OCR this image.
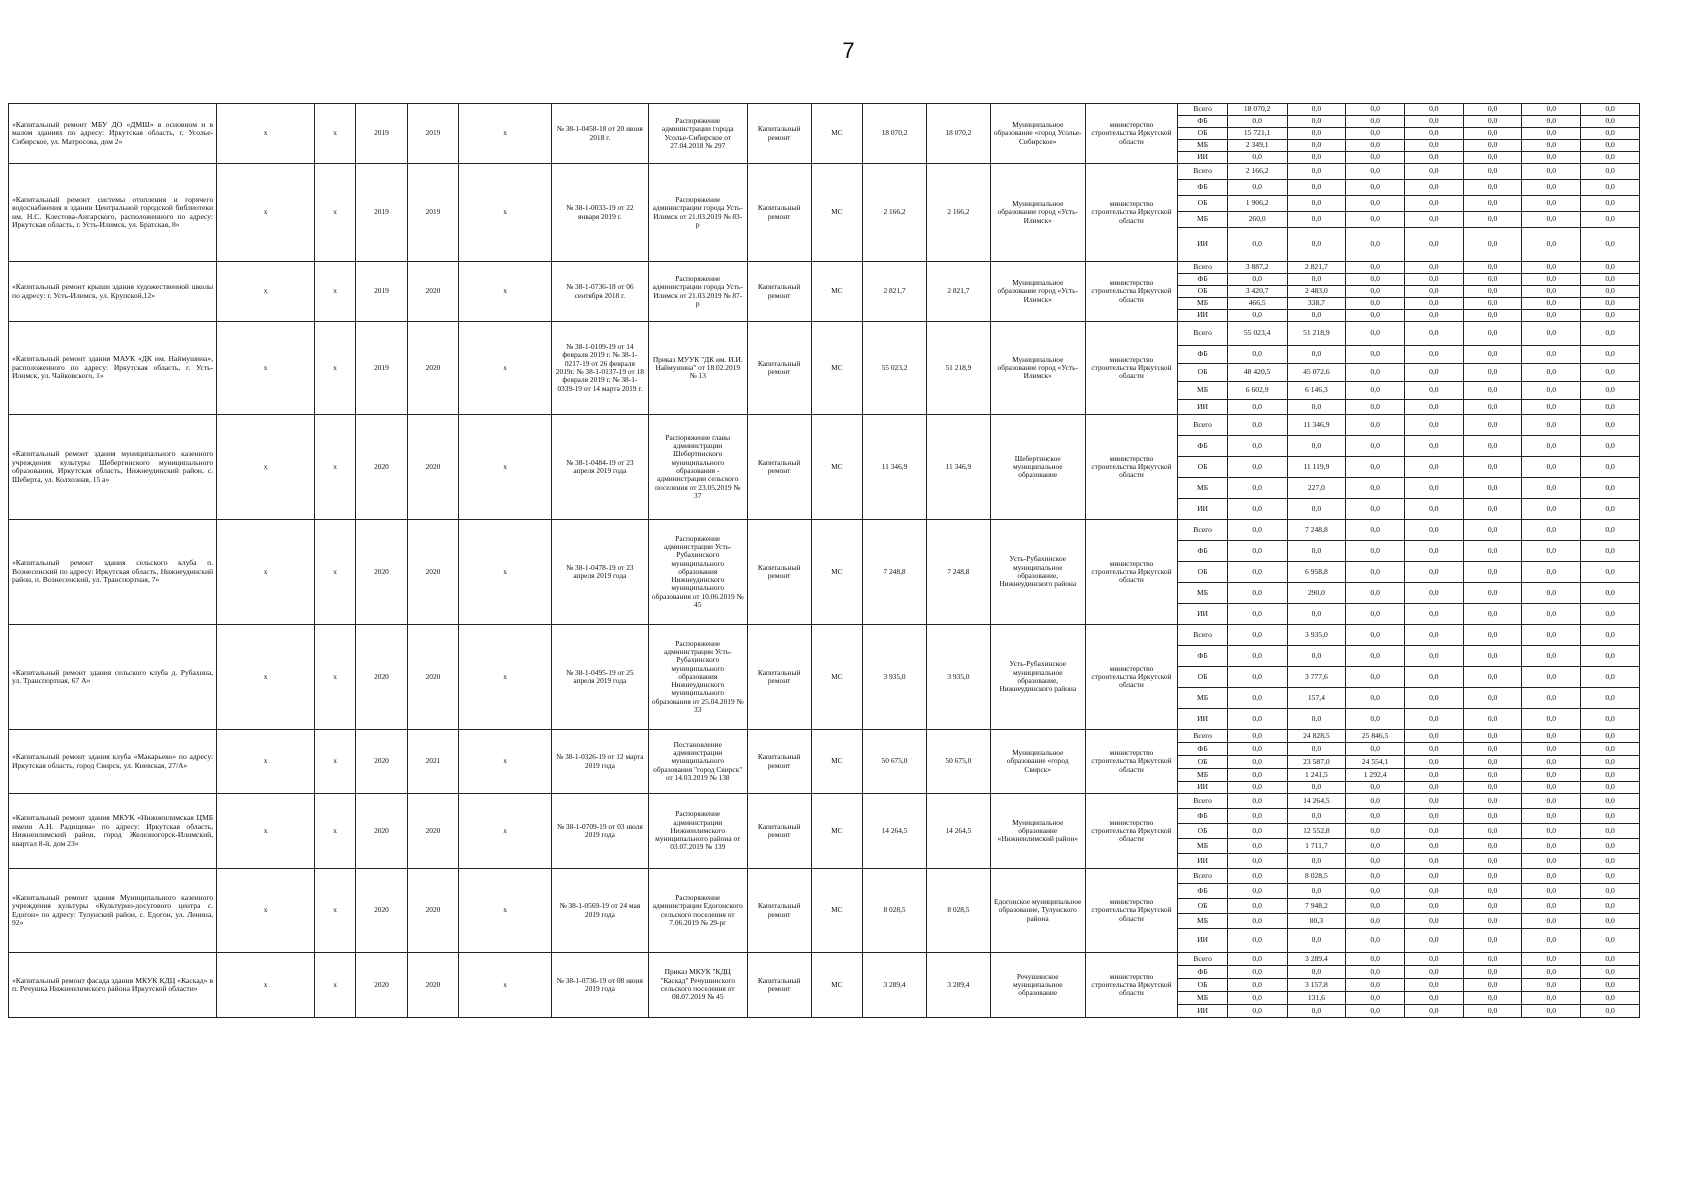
7
«Капитальный ремонт МБУ ДО «ДМШ» в основном и в малом зданиях по адресу: Иркутская область, г. Усолье-Сибирское, ул. Матросова, дом 2»	х	х	2019	2019	х	№ 38-1-0458-18 от 20 июня 2018 г.	Распоряжение администрации города Усолье-Сибирское от 27.04.2018 № 297	Капитальный ремонт	МС	18 070,2	18 070,2	Муниципальное образование «город Усолье-Сибирское»	министерство строительства Иркутской области	Всего	18 070,2	0,0	0,0	0,0	0,0	0,0	0,0
														ФБ	0,0	0,0	0,0	0,0	0,0	0,0	0,0
														ОБ	15 721,1	0,0	0,0	0,0	0,0	0,0	0,0
														МБ	2 349,1	0,0	0,0	0,0	0,0	0,0	0,0
														ИИ	0,0	0,0	0,0	0,0	0,0	0,0	0,0
«Капитальный ремонт системы отопления и горячего водоснабжения в здании Центральной городской библиотеки им. Н.С. Клестова-Ангарского, расположенного по адресу: Иркутская область, г. Усть-Илимск, ул. Братская, 8»	х	х	2019	2019	х	№ 38-1-0033-19 от 22 января 2019 г.	Распоряжение администрации города Усть-Илимск от 21.03.2019 № 83-р	Капитальный ремонт	МС	2 166,2	2 166,2	Муниципальное образование город «Усть-Илимск»	министерство строительства Иркутской области	Всего	2 166,2	0,0	0,0	0,0	0,0	0,0	0,0
														ФБ	0,0	0,0	0,0	0,0	0,0	0,0	0,0
														ОБ	1 906,2	0,0	0,0	0,0	0,0	0,0	0,0
														МБ	260,0	0,0	0,0	0,0	0,0	0,0	0,0
														ИИ	0,0	0,0	0,0	0,0	0,0	0,0	0,0
«Капитальный ремонт крыши здания художественной школы по адресу: г. Усть-Илимск, ул. Крупской,12»	х	х	2019	2020	х	№ 38-1-0736-18 от 06 сентября 2018 г.	Распоряжение администрации города Усть-Илимск от 21.03.2019 № 87-р	Капитальный ремонт	МС	2 821,7	2 821,7	Муниципальное образование город «Усть-Илимск»	министерство строительства Иркутской области	Всего	3 887,2	2 821,7	0,0	0,0	0,0	0,0	0,0
														ФБ	0,0	0,0	0,0	0,0	0,0	0,0	0,0
														ОБ	3 420,7	2 483,0	0,0	0,0	0,0	0,0	0,0
														МБ	466,5	338,7	0,0	0,0	0,0	0,0	0,0
														ИИ	0,0	0,0	0,0	0,0	0,0	0,0	0,0
«Капитальный ремонт здания МАУК «ДК им. Наймушина», расположенного по адресу: Иркутская область, г. Усть-Илимск, ул. Чайковского, 1»	х	х	2019	2020	х	№ 38-1-0109-19 от 14 февраля 2019 г. № 38-1-0217-19 от 26 февраля 2019г. № 38-1-0137-19 от 18 февраля 2019 г. № 38-1-0339-19 от 14 марта 2019 г.	Приказ МУУК "ДК им. И.И. Наймушина" от 18.02.2019 № 13	Капитальный ремонт	МС	55 023,2	51 218,9	Муниципальное образование город «Усть-Илимск»	министерство строительства Иркутской области	Всего	55 023,4	51 218,9	0,0	0,0	0,0	0,0	0,0
														ФБ	0,0	0,0	0,0	0,0	0,0	0,0	0,0
														ОБ	48 420,5	45 072,6	0,0	0,0	0,0	0,0	0,0
														МБ	6 602,9	6 146,3	0,0	0,0	0,0	0,0	0,0
														ИИ	0,0	0,0	0,0	0,0	0,0	0,0	0,0
«Капитальный ремонт здания муниципального казенного учреждения культуры Шебертинского муниципального образования, Иркутская область, Нижнеудинский район, с. Шеберта, ул. Колхозная, 15 а»	х	х	2020	2020	х	№ 38-1-0484-19 от 23 апреля 2019 года	Распоряжение главы администрации Шебертинского муниципального образования - администрации сельского поселения от 23.05.2019 № 37	Капитальный ремонт	МС	11 346,9	11 346,9	Шебертинское муниципальное образование	министерство строительства Иркутской области	Всего	0,0	11 346,9	0,0	0,0	0,0	0,0	0,0
														ФБ	0,0	0,0	0,0	0,0	0,0	0,0	0,0
														ОБ	0,0	11 119,9	0,0	0,0	0,0	0,0	0,0
														МБ	0,0	227,0	0,0	0,0	0,0	0,0	0,0
														ИИ	0,0	0,0	0,0	0,0	0,0	0,0	0,0
«Капитальный ремонт здания сельского клуба п. Вознесенский по адресу: Иркутская область, Нижнеудинский район, п. Вознесенский, ул. Транспортная, 7»	х	х	2020	2020	х	№ 38-1-0478-19 от 23 апреля 2019 года	Распоряжение администрации Усть-Рубахинского муниципального образования Нижнеудинского муниципального образования от 10.06.2019 № 45	Капитальный ремонт	МС	7 248,8	7 248,8	Усть-Рубахинское муниципальное образование, Нижнеудинского района	министерство строительства Иркутской области	Всего	0,0	7 248,8	0,0	0,0	0,0	0,0	0,0
														ФБ	0,0	0,0	0,0	0,0	0,0	0,0	0,0
														ОБ	0,0	6 958,8	0,0	0,0	0,0	0,0	0,0
														МБ	0,0	290,0	0,0	0,0	0,0	0,0	0,0
														ИИ	0,0	0,0	0,0	0,0	0,0	0,0	0,0
«Капитальный ремонт здания сельского клуба д. Рубахина, ул. Транспортная, 67 А»	х	х	2020	2020	х	№ 38-1-0495-19 от 25 апреля 2019 года	Распоряжение администрации Усть-Рубахинского муниципального образования Нижнеудинского муниципального образования от 25.04.2019 № 33	Капитальный ремонт	МС	3 935,0	3 935,0	Усть-Рубахинское муниципальное образование, Нижнеудинского района	министерство строительства Иркутской области	Всего	0,0	3 935,0	0,0	0,0	0,0	0,0	0,0
														ФБ	0,0	0,0	0,0	0,0	0,0	0,0	0,0
														ОБ	0,0	3 777,6	0,0	0,0	0,0	0,0	0,0
														МБ	0,0	157,4	0,0	0,0	0,0	0,0	0,0
														ИИ	0,0	0,0	0,0	0,0	0,0	0,0	0,0
«Капитальный ремонт здания клуба «Макарьево» по адресу: Иркутская область, город Свирск, ул. Киевская, 27/А»	х	х	2020	2021	х	№ 38-1-0326-19 от 12 марта 2019 года	Постановление администрации муниципального образования "город Свирск" от 14.03.2019 № 138	Капитальный ремонт	МС	50 675,0	50 675,0	Муниципальное образование «город Свирск»	министерство строительства Иркутской области	Всего	0,0	24 828,5	25 846,5	0,0	0,0	0,0	0,0
														ФБ	0,0	0,0	0,0	0,0	0,0	0,0	0,0
														ОБ	0,0	23 587,0	24 554,1	0,0	0,0	0,0	0,0
														МБ	0,0	1 241,5	1 292,4	0,0	0,0	0,0	0,0
														ИИ	0,0	0,0	0,0	0,0	0,0	0,0	0,0
«Капитальный ремонт здания МКУК «Нижнеилимская ЦМБ имени А.Н. Радищева» по адресу: Иркутская область, Нижнеилимский район, город Железногорск-Илимский, квартал 8-й, дом 23»	х	х	2020	2020	х	№ 38-1-0709-19 от 03 июля 2019 года	Распоряжение администрации Нижнеилимского муниципального района от 03.07.2019 № 139	Капитальный ремонт	МС	14 264,5	14 264,5	Муниципальное образование «Нижнеилимский район»	министерство строительства Иркутской области	Всего	0,0	14 264,5	0,0	0,0	0,0	0,0	0,0
														ФБ	0,0	0,0	0,0	0,0	0,0	0,0	0,0
														ОБ	0,0	12 552,8	0,0	0,0	0,0	0,0	0,0
														МБ	0,0	1 711,7	0,0	0,0	0,0	0,0	0,0
														ИИ	0,0	0,0	0,0	0,0	0,0	0,0	0,0
«Капитальный ремонт здания Муниципального казенного учреждения культуры «Культурно-досугового центра с. Едогон» по адресу: Тулунский район, с. Едогон, ул. Ленина, 92»	х	х	2020	2020	х	№ 38-1-0569-19 от 24 мая 2019 года	Распоряжение администрации Едогонского сельского поселения от 7.06.2019 № 29-рг	Капитальный ремонт	МС	8 028,5	8 028,5	Едогонское муниципальное образование, Тулунского района	министерство строительства Иркутской области	Всего	0,0	8 028,5	0,0	0,0	0,0	0,0	0,0
														ФБ	0,0	0,0	0,0	0,0	0,0	0,0	0,0
														ОБ	0,0	7 948,2	0,0	0,0	0,0	0,0	0,0
														МБ	0,0	80,3	0,0	0,0	0,0	0,0	0,0
														ИИ	0,0	0,0	0,0	0,0	0,0	0,0	0,0
«Капитальный ремонт фасада здания МКУК КДЦ «Каскад» в п. Речушка Нижнеилимского района Иркутской области»	х	х	2020	2020	х	№ 38-1-0736-19 от 08 июня 2019 года	Приказ МКУК "КДЦ "Каскад" Речушинского сельского поселения от 08.07.2019 № 45	Капитальный ремонт	МС	3 289,4	3 289,4	Речушинское муниципальное образование	министерство строительства Иркутской области	Всего	0,0	3 289,4	0,0	0,0	0,0	0,0	0,0
														ФБ	0,0	0,0	0,0	0,0	0,0	0,0	0,0
														ОБ	0,0	3 157,8	0,0	0,0	0,0	0,0	0,0
														МБ	0,0	131,6	0,0	0,0	0,0	0,0	0,0
														ИИ	0,0	0,0	0,0	0,0	0,0	0,0	0,0
